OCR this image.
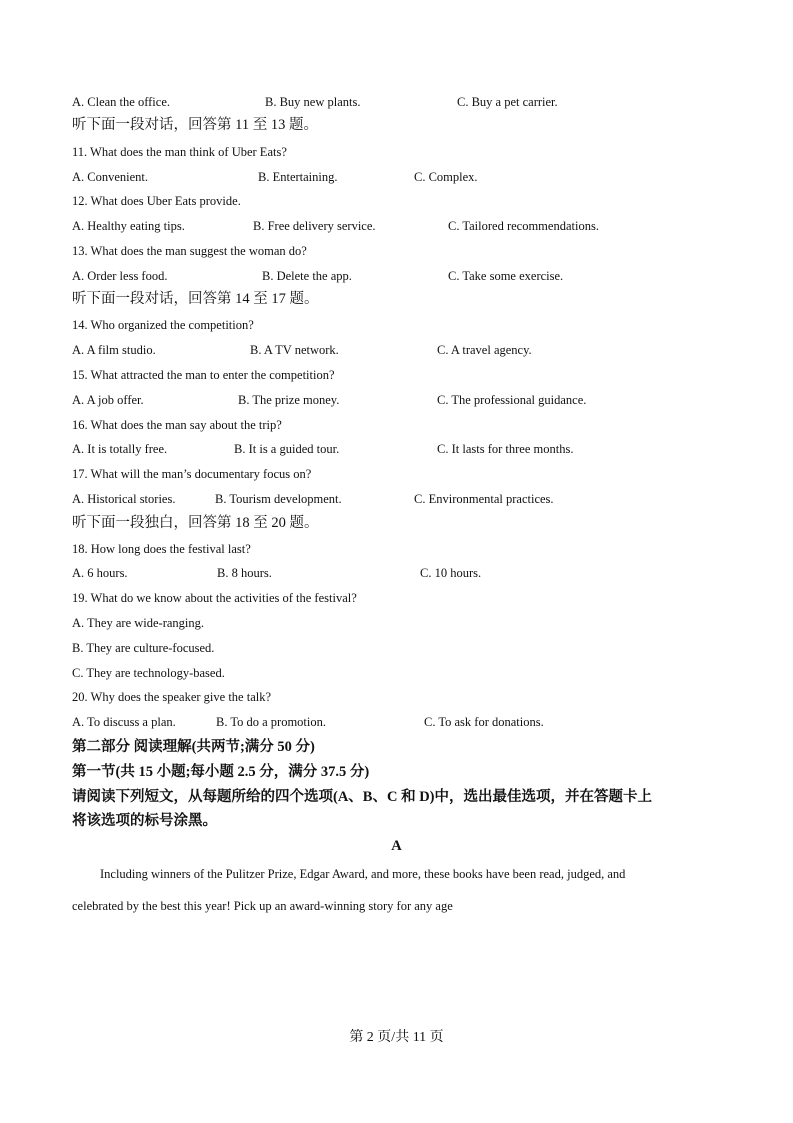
A. Clean the office.	B. Buy new plants.	C. Buy a pet carrier.
听下面一段对话，回答第 11 至 13 题。
11. What does the man think of Uber Eats?
A. Convenient.	B. Entertaining.	C. Complex.
12. What does Uber Eats provide.
A. Healthy eating tips.	B. Free delivery service.	C. Tailored recommendations.
13. What does the man suggest the woman do?
A. Order less food.	B. Delete the app.	C. Take some exercise.
听下面一段对话，回答第 14 至 17 题。
14. Who organized the competition?
A. A film studio.	B. A TV network.	C. A travel agency.
15. What attracted the man to enter the competition?
A. A job offer.	B. The prize money.	C. The professional guidance.
16. What does the man say about the trip?
A. It is totally free.	B. It is a guided tour.	C. It lasts for three months.
17. What will the man’s documentary focus on?
A. Historical stories.	B. Tourism development.	C. Environmental practices.
听下面一段独白，回答第 18 至 20 题。
18. How long does the festival last?
A. 6 hours.	B. 8 hours.	C. 10 hours.
19. What do we know about the activities of the festival?
A. They are wide-ranging.
B. They are culture-focused.
C. They are technology-based.
20. Why does the speaker give the talk?
A. To discuss a plan.	B. To do a promotion.	C. To ask for donations.
第二部分 阅读理解(共两节;满分 50 分)
第一节(共 15 小题;每小题 2.5 分，满分 37.5 分)
请阅读下列短文，从每题所给的四个选项(A、B、C 和 D)中，选出最佳选项，并在答题卡上
将该选项的标号涂黑。
A
Including winners of the Pulitzer Prize, Edgar Award, and more, these books have been read, judged, and
celebrated by the best this year! Pick up an award-winning story for any age
第 2 页/共 11 页
